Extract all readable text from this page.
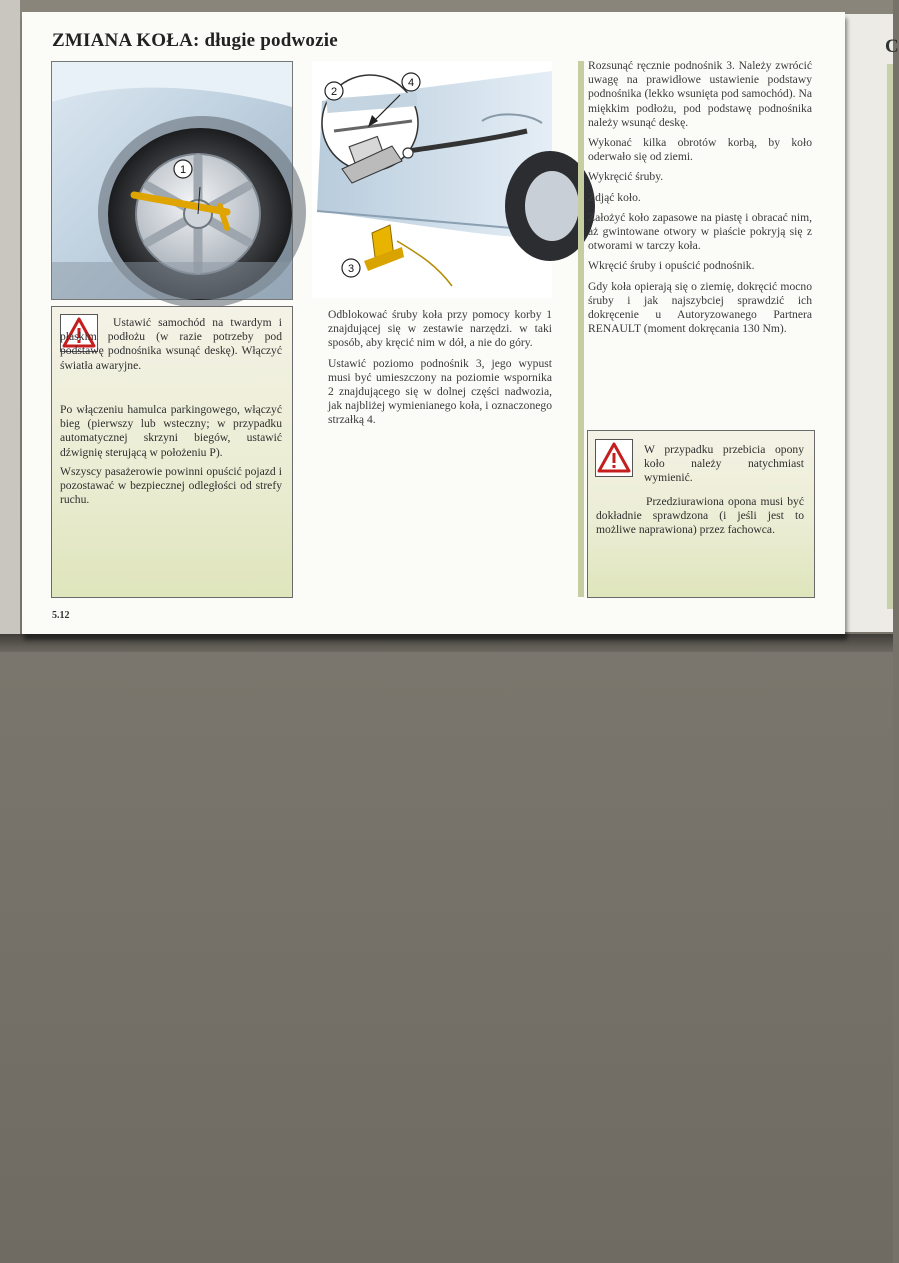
C
ZMIANA KOŁA: długie podwozie
1
2
4
3

Ustawić samochód na twardym i płaskim podłożu (w razie potrzeby pod podstawę podnośnika wsunąć deskę). Włączyć światła awaryjne.

Po włączeniu hamulca parkingowego, włączyć bieg (pierwszy lub wsteczny; w przypadku automatycznej skrzyni biegów, ustawić dźwignię sterującą w położeniu P).

Wszyscy pasażerowie powinni opuścić pojazd i pozostawać w bezpiecznej odległości od strefy ruchu.

Odblokować śruby koła przy pomocy korby 1 znajdującej się w zestawie narzędzi. w taki sposób, aby kręcić nim w dół, a nie do góry.

Ustawić poziomo podnośnik 3, jego wypust musi być umieszczony na poziomie wspornika 2 znajdującego się w dolnej części nadwozia, jak najbliżej wymienianego koła, i oznaczonego strzałką 4.

Rozsunąć ręcznie podnośnik 3. Należy zwrócić uwagę na prawidłowe ustawienie podstawy podnośnika (lekko wsunięta pod samochód). Na miękkim podłożu, pod podstawę podnośnika należy wsunąć deskę.

Wykonać kilka obrotów korbą, by koło oderwało się od ziemi.

Wykręcić śruby.

Zdjąć koło.

Założyć koło zapasowe na piastę i obracać nim, aż gwintowane otwory w piaście pokryją się z otworami w tarczy koła.

Wkręcić śruby i opuścić podnośnik.

Gdy koła opierają się o ziemię, dokręcić mocno śruby i jak najszybciej sprawdzić ich dokręcenie u Autoryzowanego Partnera RENAULT (moment dokręcania 130 Nm).

W przypadku przebicia opony koło należy natychmiast wymienić.

Przedziurawiona opona musi być dokładnie sprawdzona (i jeśli jest to możliwe naprawiona) przez fachowca.

5.12
